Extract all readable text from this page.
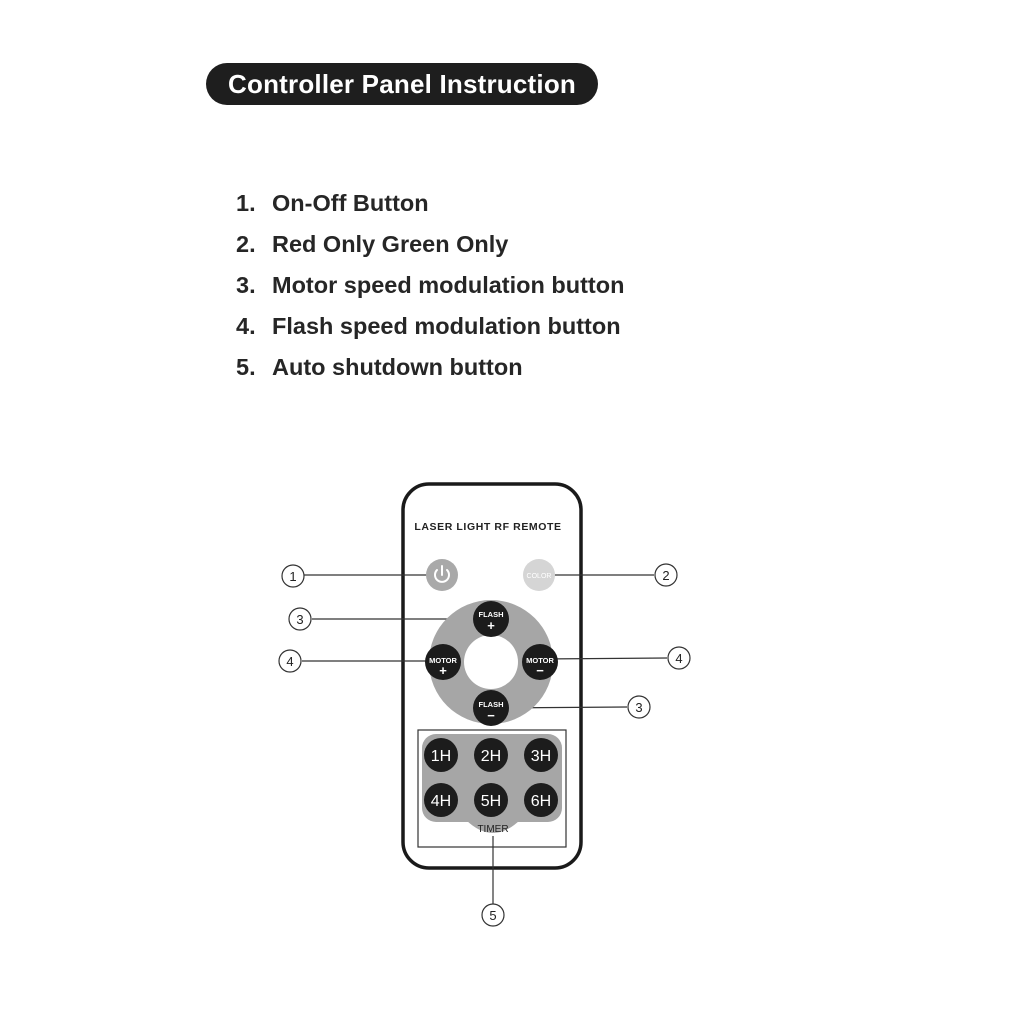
Controller Panel Instruction
1. On-Off Button
2. Red Only Green Only
3. Motor speed modulation button
4. Flash speed modulation button
5. Auto shutdown button
LASER LIGHT RF REMOTE
COLOR
FLASH
+
MOTOR
+
MOTOR
−
FLASH
−
TIMER
1H 2H 3H
4H 5H 6H
1	2
3
4	4
3
5
